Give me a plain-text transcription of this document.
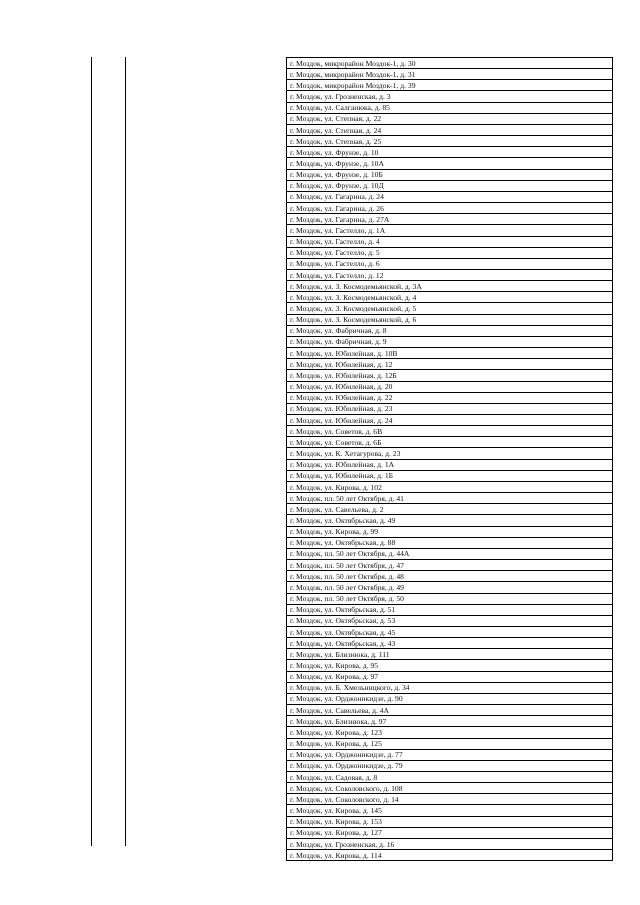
г. Моздок, микрорайон Моздок-1, д. 30
г. Моздок, микрорайон Моздок-1, д. 31
г. Моздок, микрорайон Моздок-1, д. 39
г. Моздок, ул. Грозненская, д. 3
г. Моздок, ул. Салганюка, д. 85
г. Моздок, ул. Степная, д. 22
г. Моздок, ул. Степная, д. 24
г. Моздок, ул. Степная, д. 25
г. Моздок, ул. Фрунзе, д. 10
г. Моздок, ул. Фрунзе, д. 10А
г. Моздок, ул. Фрунзе, д. 10Б
г. Моздок, ул. Фрунзе, д. 10Д
г. Моздок, ул. Гагарина, д. 24
г. Моздок, ул. Гагарина, д. 26
г. Моздок, ул. Гагарина, д. 27А
г. Моздок, ул. Гастелло, д. 1А
г. Моздок, ул. Гастелло, д. 4
г. Моздок, ул. Гастелло, д. 5
г. Моздок, ул. Гастелло, д. 6
г. Моздок, ул. Гастелло, д. 12
г. Моздок, ул. З. Космодемьянской, д. 3А
г. Моздок, ул. З. Космодемьянской, д. 4
г. Моздок, ул. З. Космодемьянской, д. 5
г. Моздок, ул. З. Космодемьянской, д. 6
г. Моздок, ул. Фабричная, д. 8
г. Моздок, ул. Фабричная, д. 9
г. Моздок, ул. Юбилейная, д. 10В
г. Моздок, ул. Юбилейная, д. 12
г. Моздок, ул. Юбилейная, д. 12Б
г. Моздок, ул. Юбилейная, д. 20
г. Моздок, ул. Юбилейная, д. 22
г. Моздок, ул. Юбилейная, д. 23
г. Моздок, ул. Юбилейная, д. 24
г. Моздок, ул. Советов, д. 6В
г. Моздок, ул. Советов, д. 6Б
г. Моздок, ул. К. Хетагурова, д. 23
г. Моздок, ул. Юбилейная, д. 1А
г. Моздок, ул. Юбилейная, д. 1Б
г. Моздок, ул. Кирова, д. 102
г. Моздок, пл. 50 лет Октября, д. 41
г. Моздок, ул. Савельева, д. 2
г. Моздок, ул. Октябрьская, д. 49
г. Моздок, ул. Кирова, д. 99
г. Моздок, ул. Октябрьская, д. 88
г. Моздок, пл. 50 лет Октября, д. 44А
г. Моздок, пл. 50 лет Октября, д. 47
г. Моздок, пл. 50 лет Октября, д. 48
г. Моздок, пл. 50 лет Октября, д. 49
г. Моздок, пл. 50 лет Октября, д. 50
г. Моздок, ул. Октябрьская, д. 51
г. Моздок, ул. Октябрьская, д. 53
г. Моздок, ул. Октябрьская, д. 45
г. Моздок, ул. Октябрьская, д. 43
г. Моздок, ул. Близнюка, д. 111
г. Моздок, ул. Кирова, д. 95
г. Моздок, ул. Кирова, д. 97
г. Моздок, ул. Б. Хмельницкого, д. 34
г. Моздок, ул. Орджоникидзе, д. 90
г. Моздок, ул. Савельева, д. 4А
г. Моздок, ул. Близнюка, д. 97
г. Моздок, ул. Кирова, д. 123
г. Моздок, ул. Кирова, д. 125
г. Моздок, ул. Орджоникидзе, д. 77
г. Моздок, ул. Орджоникидзе, д. 79
г. Моздок, ул. Садовая, д. 8
г. Моздок, ул. Соколовского, д. 108
г. Моздок, ул. Соколовского, д. 14
г. Моздок, ул. Кирова, д. 145
г. Моздок, ул. Кирова, д. 153
г. Моздок, ул. Кирова, д. 127
г. Моздок, ул. Грозненская, д. 16
г. Моздок, ул. Кирова, д. 114
